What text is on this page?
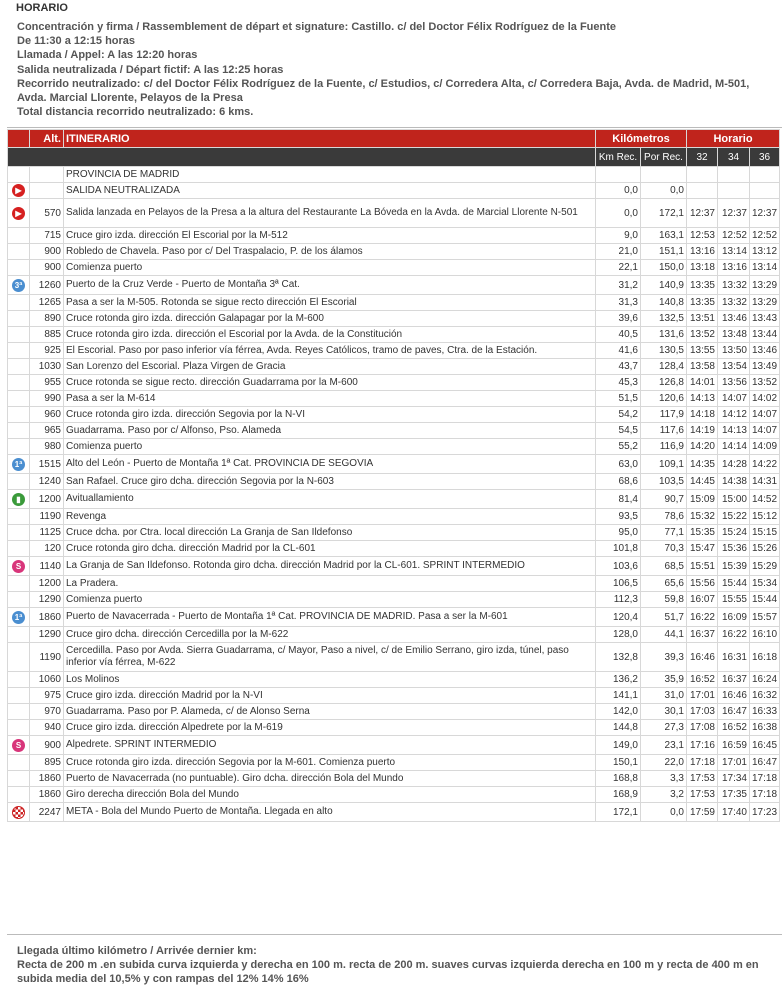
HORARIO
Concentración y firma / Rassemblement de départ et signature: Castillo. c/ del Doctor Félix Rodríguez de la Fuente
De 11:30 a 12:15 horas
Llamada / Appel: A las 12:20 horas
Salida neutralizada / Départ fictif: A las 12:25 horas
Recorrido neutralizado: c/ del Doctor Félix Rodríguez de la Fuente, c/ Estudios, c/ Corredera Alta, c/ Corredera Baja, Avda. de Madrid, M-501,
Avda. Marcial Llorente, Pelayos de la Presa
Total distancia recorrido neutralizado: 6 kms.
	Alt.	ITINERARIO	Kilómetros		Horario		
			Km Rec.	Por Rec.	32	34	36
		PROVINCIA DE MADRID					
▶		SALIDA NEUTRALIZADA	0,0	0,0			
▶	570	Salida lanzada en Pelayos de la Presa a la altura del Restaurante La Bóveda en la Avda. de Marcial Llorente N-501	0,0	172,1	12:37	12:37	12:37
	715	Cruce giro izda. dirección El Escorial por la M-512	9,0	163,1	12:53	12:52	12:52
	900	Robledo de Chavela. Paso por c/ Del Traspalacio, P. de los álamos	21,0	151,1	13:16	13:14	13:12
	900	Comienza puerto	22,1	150,0	13:18	13:16	13:14
3ª	1260	Puerto de la Cruz Verde - Puerto de Montaña 3ª Cat.	31,2	140,9	13:35	13:32	13:29
	1265	Pasa a ser la M-505. Rotonda se sigue recto dirección El Escorial	31,3	140,8	13:35	13:32	13:29
	890	Cruce rotonda giro izda. dirección Galapagar por la M-600	39,6	132,5	13:51	13:46	13:43
	885	Cruce rotonda giro izda. dirección el Escorial por la Avda. de la Constitución	40,5	131,6	13:52	13:48	13:44
	925	El Escorial. Paso por paso inferior vía férrea, Avda. Reyes Católicos, tramo de paves, Ctra. de la Estación.	41,6	130,5	13:55	13:50	13:46
	1030	San Lorenzo del Escorial. Plaza Virgen de Gracia	43,7	128,4	13:58	13:54	13:49
	955	Cruce rotonda se sigue recto. dirección Guadarrama por la M-600	45,3	126,8	14:01	13:56	13:52
	990	Pasa a ser la M-614	51,5	120,6	14:13	14:07	14:02
	960	Cruce rotonda giro izda. dirección Segovia por la N-VI	54,2	117,9	14:18	14:12	14:07
	965	Guadarrama. Paso por c/ Alfonso, Pso. Alameda	54,5	117,6	14:19	14:13	14:07
	980	Comienza puerto	55,2	116,9	14:20	14:14	14:09
1ª	1515	Alto del León - Puerto de Montaña 1ª Cat. PROVINCIA DE SEGOVIA	63,0	109,1	14:35	14:28	14:22
	1240	San Rafael. Cruce giro dcha. dirección Segovia por la N-603	68,6	103,5	14:45	14:38	14:31
▮	1200	Avituallamiento	81,4	90,7	15:09	15:00	14:52
	1190	Revenga	93,5	78,6	15:32	15:22	15:12
	1125	Cruce dcha. por Ctra. local dirección La Granja de San Ildefonso	95,0	77,1	15:35	15:24	15:15
	120	Cruce rotonda giro dcha. dirección Madrid por la CL-601	101,8	70,3	15:47	15:36	15:26
S	1140	La Granja de San Ildefonso. Rotonda giro dcha. dirección Madrid por la CL-601. SPRINT INTERMEDIO	103,6	68,5	15:51	15:39	15:29
	1200	La Pradera.	106,5	65,6	15:56	15:44	15:34
	1290	Comienza puerto	112,3	59,8	16:07	15:55	15:44
1ª	1860	Puerto de Navacerrada - Puerto de Montaña 1ª Cat. PROVINCIA DE MADRID. Pasa a ser la M-601	120,4	51,7	16:22	16:09	15:57
	1290	Cruce giro dcha. dirección Cercedilla por la M-622	128,0	44,1	16:37	16:22	16:10
	1190	Cercedilla. Paso por Avda. Sierra Guadarrama, c/ Mayor, Paso a nivel, c/ de Emilio Serrano, giro izda, túnel, paso inferior vía férrea, M-622	132,8	39,3	16:46	16:31	16:18
	1060	Los Molinos	136,2	35,9	16:52	16:37	16:24
	975	Cruce giro izda. dirección Madrid por la N-VI	141,1	31,0	17:01	16:46	16:32
	970	Guadarrama. Paso por P. Alameda, c/ de Alonso Serna	142,0	30,1	17:03	16:47	16:33
	940	Cruce giro izda. dirección Alpedrete por la M-619	144,8	27,3	17:08	16:52	16:38
S	900	Alpedrete. SPRINT INTERMEDIO	149,0	23,1	17:16	16:59	16:45
	895	Cruce rotonda giro izda. dirección Segovia por la M-601. Comienza puerto	150,1	22,0	17:18	17:01	16:47
	1860	Puerto de Navacerrada (no puntuable). Giro dcha. dirección Bola del Mundo	168,8	3,3	17:53	17:34	17:18
	1860	Giro derecha dirección Bola del Mundo	168,9	3,2	17:53	17:35	17:18
	2247	META - Bola del Mundo Puerto de Montaña. Llegada en alto	172,1	0,0	17:59	17:40	17:23
Llegada último kilómetro / Arrivée dernier km:
Recta de 200 m .en subida curva izquierda y derecha en 100 m. recta de 200 m. suaves curvas izquierda derecha en 100 m y recta de 400 m en subida media del 10,5% y con rampas del 12% 14% 16%
